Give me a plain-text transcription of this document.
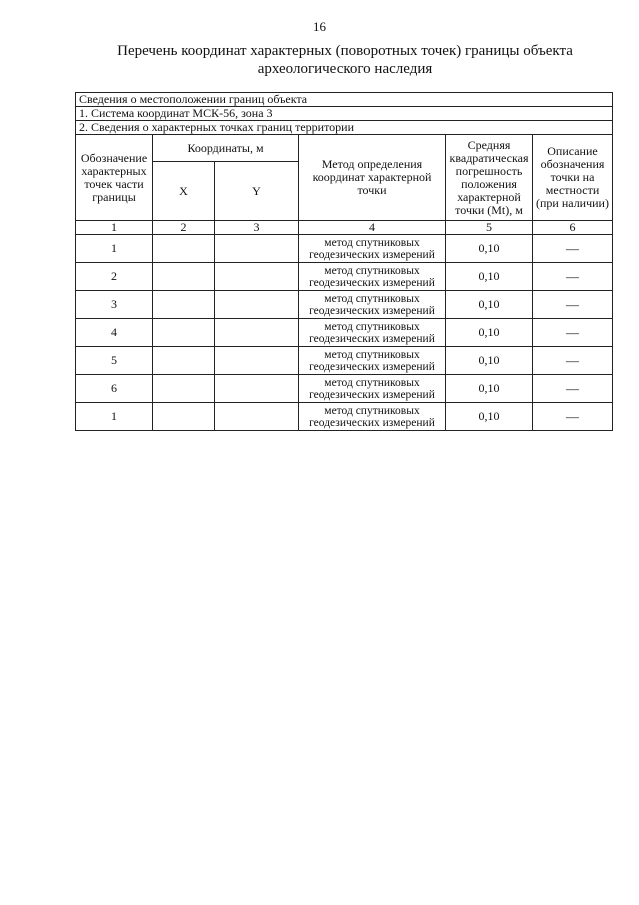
16
Перечень координат характерных (поворотных точек) границы объекта
археологического наследия
Сведения о местоположении границ объекта					
1. Система координат МСК-56, зона 3					
2. Сведения о характерных точках границ территории					
Обозначение характерных точек части границы	Координаты, м		Метод определения координат характерной точки	Средняя квадратическая погрешность положения характерной точки (Mt), м	Описание обозначения точки на местности (при наличии)
	X	Y			
1	2	3	4	5	6
1			метод спутниковых геодезических измерений	0,10	—
2			метод спутниковых геодезических измерений	0,10	—
3			метод спутниковых геодезических измерений	0,10	—
4			метод спутниковых геодезических измерений	0,10	—
5			метод спутниковых геодезических измерений	0,10	—
6			метод спутниковых геодезических измерений	0,10	—
1			метод спутниковых геодезических измерений	0,10	—
